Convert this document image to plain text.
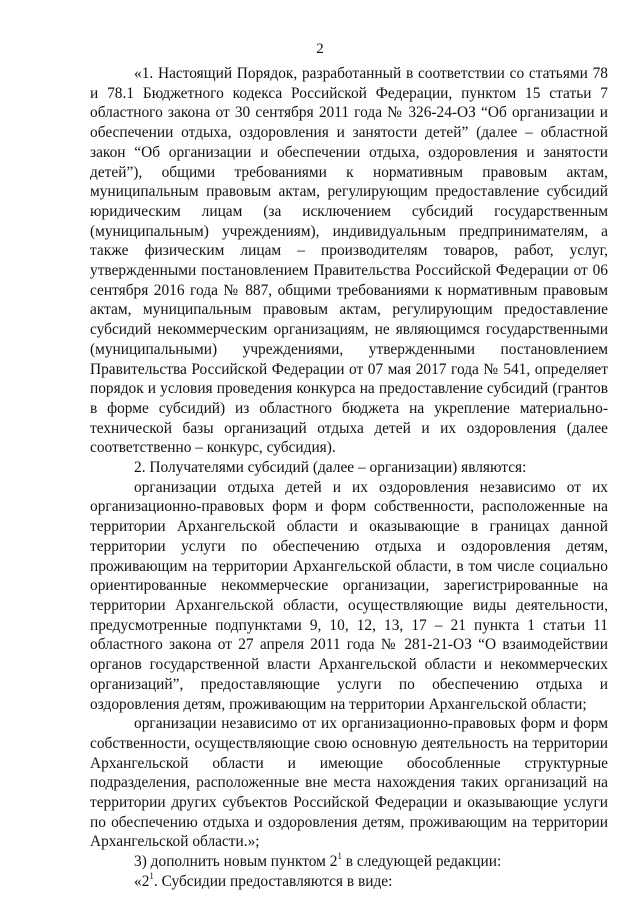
2

«1. Настоящий Порядок, разработанный в соответствии со статьями 78 и 78.1 Бюджетного кодекса Российской Федерации, пунктом 15 статьи 7 областного закона от 30 сентября 2011 года № 326-24-ОЗ “Об организации и обеспечении отдыха, оздоровления и занятости детей” (далее – областной закон “Об организации и обеспечении отдыха, оздоровления и занятости детей”), общими требованиями к нормативным правовым актам, муниципальным правовым актам, регулирующим предоставление субсидий юридическим лицам (за исключением субсидий государственным (муниципальным) учреждениям), индивидуальным предпринимателям, а также физическим лицам – производителям товаров, работ, услуг, утвержденными постановлением Правительства Российской Федерации от 06 сентября 2016 года № 887, общими требованиями к нормативным правовым актам, муниципальным правовым актам, регулирующим предоставление субсидий некоммерческим организациям, не являющимся государственными (муниципальными) учреждениями, утвержденными постановлением Правительства Российской Федерации от 07 мая 2017 года № 541, определяет порядок и условия проведения конкурса на предоставление субсидий (грантов в форме субсидий) из областного бюджета на укрепление материально-технической базы организаций отдыха детей и их оздоровления (далее соответственно – конкурс, субсидия).

2. Получателями субсидий (далее – организации) являются:

организации отдыха детей и их оздоровления независимо от их организационно-правовых форм и форм собственности, расположенные на территории Архангельской области и оказывающие в границах данной территории услуги по обеспечению отдыха и оздоровления детям, проживающим на территории Архангельской области, в том числе социально ориентированные некоммерческие организации, зарегистрированные на территории Архангельской области, осуществляющие виды деятельности, предусмотренные подпунктами 9, 10, 12, 13, 17 – 21 пункта 1 статьи 11 областного закона от 27 апреля 2011 года № 281-21-ОЗ “О взаимодействии органов государственной власти Архангельской области и некоммерческих организаций”, предоставляющие услуги по обеспечению отдыха и оздоровления детям, проживающим на территории Архангельской области;

организации независимо от их организационно-правовых форм и форм собственности, осуществляющие свою основную деятельность на территории Архангельской области и имеющие обособленные структурные подразделения, расположенные вне места нахождения таких организаций на территории других субъектов Российской Федерации и оказывающие услуги по обеспечению отдыха и оздоровления детям, проживающим на территории Архангельской области.»;

3) дополнить новым пунктом $2^1$ в следующей редакции:

«$2^1$. Субсидии предоставляются в виде:
